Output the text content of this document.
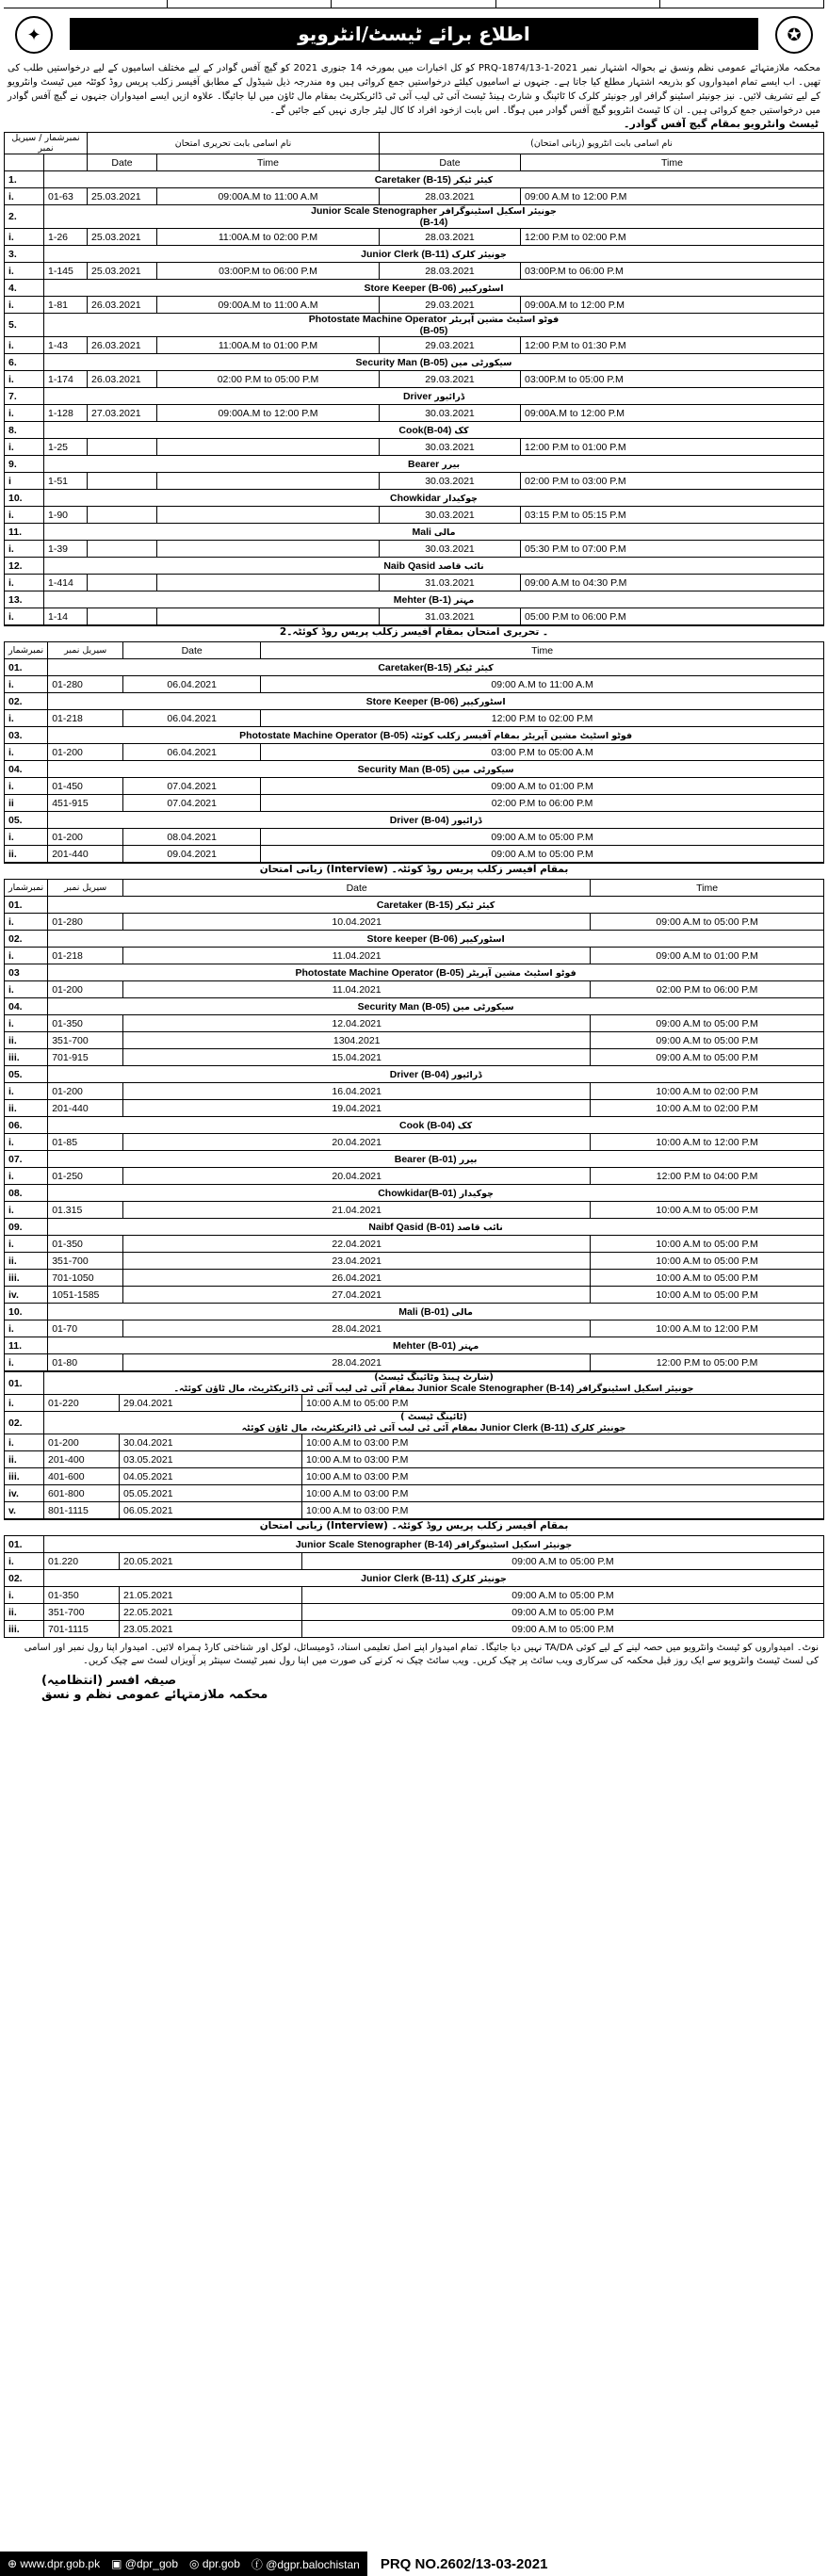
✦	اطلاع برائے ٹیسٹ/انٹرویو	✪
محکمہ ملازمتہائے عمومی نظم ونسق نے بحوالہ اشتہار نمبر PRQ-1874/13-1-2021 کو کل اخبارات میں بمورخہ 14 جنوری 2021 کو گیچ آفس گوادر کے لیے مختلف اسامیوں کے لیے درخواستیں طلب کی تھیں۔ اب ایسے تمام امیدواروں کو بذریعہ اشتہار مطلع کیا جاتا ہے۔ جنہوں نے اسامیوں کیلئے درخواستیں جمع کروائی ہیں وہ مندرجہ ذیل شیڈول کے مطابق آفیسر زکلب پریس روڈ کوئٹہ میں ٹیسٹ وانٹرویو کے لیے تشریف لائیں۔ نیز جونیئر اسٹینو گرافر اور جونیئر کلرک کا ٹائپنگ و شارٹ ہینڈ ٹیسٹ آئی ٹی لیب آئی ٹی ڈائریکٹریٹ بمقام مال ٹاؤن میں لیا جائیگا۔ علاوہ ازیں ایسے امیدواران جنہوں نے گیچ آفس گوادر میں درخواستیں جمع کروائی ہیں۔ ان کا ٹیسٹ انٹرویو گیچ آفس گوادر میں ہوگا۔ اس بابت ازخود افراد کا کال لیٹر جاری نہیں کیے جائیں گے۔
ٹیسٹ وانٹرویو بمقام گیچ آفس گوادر۔
نمبرشمار / سیریل نمبر		نام اسامی بابت تحریری امتحان		نام اسامی بابت انٹرویو (زبانی امتحان)	
		Date	Time	Date	Time
1.	Caretaker (B-15) کیئر ٹیکر				
i.	01-63	25.03.2021	09:00A.M to 11:00 A.M	28.03.2021	09:00 A.M to 12:00 P.M
2.	Junior Scale Stenographer جونیئر اسکیل اسٹینوگرافر
(B-14)				

i.	1-26	25.03.2021	11:00A.M to 02:00 P.M	28.03.2021	12:00 P.M to 02:00 P.M
3.	Junior Clerk (B-11) جونیئر کلرک				
i.	1-145	25.03.2021	03:00P.M to 06:00 P.M	28.03.2021	03:00P.M to 06:00 P.M
4.	Store Keeper (B-06) اسٹورکیپر				
i.	1-81	26.03.2021	09:00A.M to 11:00 A.M	29.03.2021	09:00A.M to 12:00 P.M
5.	Photostate Machine Operator فوٹو اسٹیٹ مشین آپریٹر
(B-05)				

i.	1-43	26.03.2021	11:00A.M to 01:00 P.M	29.03.2021	12:00 P.M to 01:30 P.M
6.	Security Man (B-05) سیکورٹی مین				
i.	1-174	26.03.2021	02:00 P.M to 05:00 P.M	29.03.2021	03:00P.M to 05:00 P.M
7.	Driver ڈرائیور				
i.	1-128	27.03.2021	09:00A.M to 12:00 P.M	30.03.2021	09:00A.M to 12:00 P.M
8.	Cook(B-04) کک				
i.	1-25			30.03.2021	12:00 P.M to 01:00 P.M
9.	Bearer بیرر				
i	1-51			30.03.2021	02:00 P.M to 03:00 P.M
10.	Chowkidar چوکیدار				
i.	1-90			30.03.2021	03:15 P.M to 05:15 P.M
11.	Mali مالی				
i.	1-39			30.03.2021	05:30 P.M to 07:00 P.M
12.	Naib Qasid نائب قاصد				
i.	1-414			31.03.2021	09:00 A.M to 04:30 P.M
13.	Mehter (B-1) مہتر				
i.	1-14			31.03.2021	05:00 P.M to 06:00 P.M
2۔ تحریری امتحان بمقام آفیسر زکلب پریس روڈ کوئٹہ۔
نمبرشمار	سیریل نمبر	Date	Time
01.	Caretaker(B-15) کیئر ٹیکر		
i.	01-280	06.04.2021	09:00 A.M to 11:00 A.M
02.	Store Keeper (B-06) اسٹورکیپر		
i.	01-218	06.04.2021	12:00 P.M to 02:00 P.M
03.	Photostate Machine Operator (B-05) فوٹو اسٹیٹ مشین آپریٹر بمقام آفیسر زکلب کوئٹہ		
i.	01-200	06.04.2021	03:00 P.M to 05:00 A.M
04.	Security Man (B-05) سیکورٹی مین		
i.	01-450	07.04.2021	09:00 A.M to 01:00 P.M
ii	451-915	07.04.2021	02:00 P.M to 06:00 P.M
05.	Driver (B-04) ڈرائیور		
i.	01-200	08.04.2021	09:00 A.M to 05:00 P.M
ii.	201-440	09.04.2021	09:00 A.M to 05:00 P.M
زبانی امتحان (Interview) بمقام آفیسر زکلب پریس روڈ کوئٹہ۔
نمبرشمار	سیریل نمبر	Date	Time
01.	Caretaker (B-15) کیئر ٹیکر		
i.	01-280	10.04.2021	09:00 A.M to 05:00 P.M
02.	Store keeper (B-06) اسٹورکیپر		
i.	01-218	11.04.2021	09:00 A.M to 01:00 P.M
03	Photostate Machine Operator (B-05) فوٹو اسٹیٹ مشین آپریٹر		
i.	01-200	11.04.2021	02:00 P.M to 06:00 P.M
04.	Security Man (B-05) سیکورٹی مین		
i.	01-350	12.04.2021	09:00 A.M to 05:00 P.M
ii.	351-700	1304.2021	09:00 A.M to 05:00 P.M
iii.	701-915	15.04.2021	09:00 A.M to 05:00 P.M
05.	Driver (B-04) ڈرائیور		
i.	01-200	16.04.2021	10:00 A.M to 02:00 P.M
ii.	201-440	19.04.2021	10:00 A.M to 02:00 P.M
06.	Cook (B-04) کک		
i.	01-85	20.04.2021	10:00 A.M to 12:00 P.M
07.	Bearer (B-01) بیرر		
i.	01-250	20.04.2021	12:00 P.M to 04:00 P.M
08.	Chowkidar(B-01) چوکیدار		
i.	01.315	21.04.2021	10:00 A.M to 05:00 P.M
09.	Naibf Qasid (B-01) نائب قاصد		
i.	01-350	22.04.2021	10:00 A.M to 05:00 P.M
ii.	351-700	23.04.2021	10:00 A.M to 05:00 P.M
iii.	701-1050	26.04.2021	10:00 A.M to 05:00 P.M
iv.	1051-1585	27.04.2021	10:00 A.M to 05:00 P.M
10.	Mali (B-01) مالی		
i.	01-70	28.04.2021	10:00 A.M to 12:00 P.M
11.	Mehter (B-01) مہتر		
i.	01-80	28.04.2021	12:00 P.M to 05:00 P.M
01.	(شارٹ ہینڈ وٹائپنگ ٹیسٹ)
جونیئر اسکیل اسٹینوگرافر Junior Scale Stenographer (B-14) بمقام آئی ٹی لیب آئی ٹی ڈائریکٹریٹ، مال ٹاؤن کوئٹہ۔		

i.	01-220	29.04.2021	10:00 A.M to 05:00 P.M
02.	( ٹائپنگ ٹیسٹ)
جونیئر کلرک Junior Clerk (B-11) بمقام آئی ٹی لیب آئی ٹی ڈائریکٹریٹ، مال ٹاؤن کوئٹہ		

i.	01-200	30.04.2021	10:00 A.M to 03:00 P.M
ii.	201-400	03.05.2021	10:00 A.M to 03:00 P.M
iii.	401-600	04.05.2021	10:00 A.M to 03:00 P.M
iv.	601-800	05.05.2021	10:00 A.M to 03:00 P.M
v.	801-1115	06.05.2021	10:00 A.M to 03:00 P.M
زبانی امتحان (Interview) بمقام آفیسر زکلب پریس روڈ کوئٹہ۔
01.	Junior Scale Stenographer (B-14) جونیئر اسکیل اسٹینوگرافر		
i.	01.220	20.05.2021	09:00 A.M to 05:00 P.M
02.	Junior Clerk (B-11) جونیئر کلرک		
i.	01-350	21.05.2021	09:00 A.M to 05:00 P.M
ii.	351-700	22.05.2021	09:00 A.M to 05:00 P.M
iii.	701-1115	23.05.2021	09:00 A.M to 05:00 P.M
نوٹ۔ امیدواروں کو ٹیسٹ وانٹرویو میں حصہ لینے کے لیے کوئی TA/DA نہیں دیا جائیگا۔ تمام امیدوار اپنے اصل تعلیمی اسناد، ڈومیسائل، لوکل اور شناختی کارڈ ہمراہ لائیں۔ امیدوار اپنا رول نمبر اور اسامی کی لسٹ ٹیسٹ وانٹرویو سے ایک روز قبل محکمہ کی سرکاری ویب سائٹ پر چیک کریں۔ ویب سائٹ چیک نہ کرنے کی صورت میں اپنا رول نمبر ٹیسٹ سینٹر پر آویزاں لسٹ سے چیک کریں۔
صیفہ افسر (انتظامیہ)
محکمہ ملازمتہائے عمومی نظم و نسق
⊕ www.dpr.gob.pk ▣ @dpr_gob ◎ dpr.gob ⓕ @dgpr.balochistan	PRQ NO.2602/13-03-2021
